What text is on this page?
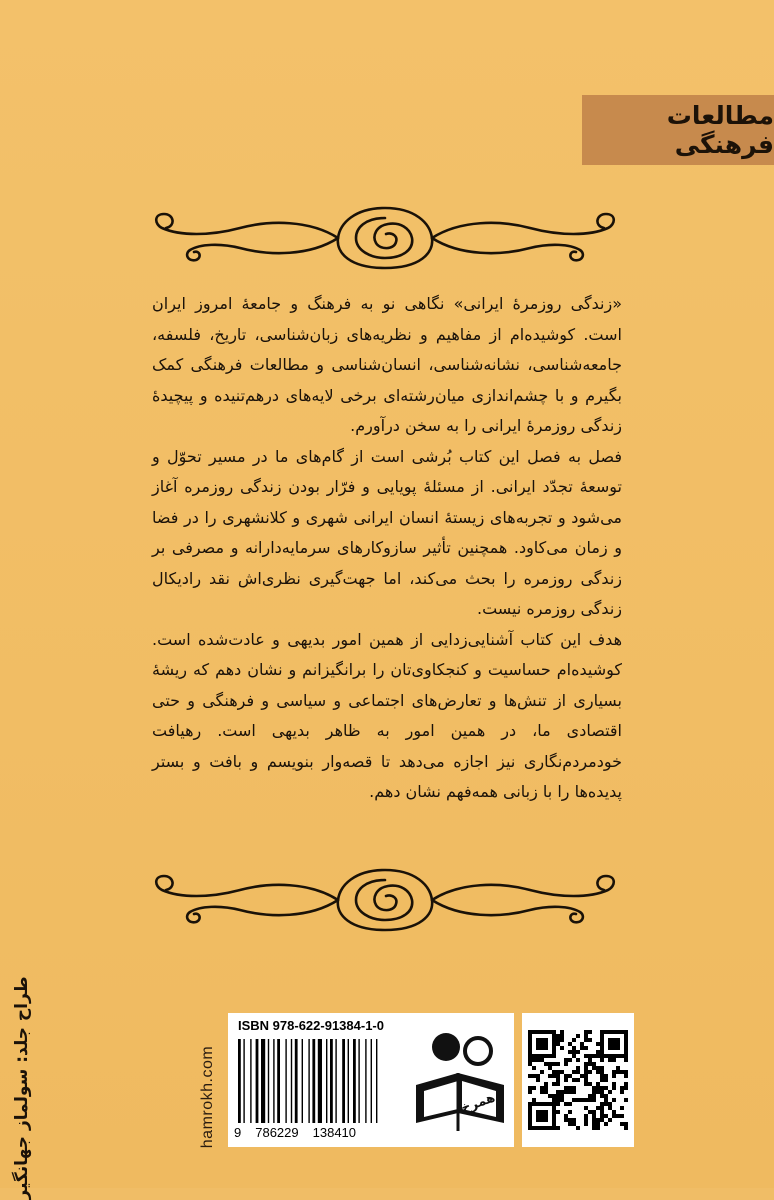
مطالعات فرهنگی

«زندگی روزمرهٔ ایرانی» نگاهی نو به فرهنگ و جامعهٔ امروز ایران است. کوشیده‌ام از مفاهیم و نظریه‌های زبان‌شناسی، تاریخ، فلسفه، جامعه‌شناسی، نشانه‌شناسی، انسان‌شناسی و مطالعات فرهنگی کمک بگیرم و با چشم‌اندازی میان‌رشته‌ای برخی لایه‌های درهم‌تنیده و پیچیدهٔ زندگی روزمرهٔ ایرانی را به سخن درآورم.

فصل به فصل این کتاب بُرشی است از گام‌های ما در مسیر تحوّل و توسعهٔ تجدّد ایرانی. از مسئلهٔ پویایی و فرّار بودن زندگی روزمره آغاز می‌شود و تجربه‌های زیستهٔ انسان ایرانی شهری و کلانشهری را در فضا و زمان می‌کاود. همچنین تأثیر سازوکارهای سرمایه‌دارانه و مصرفی بر زندگی روزمره را بحث می‌کند، اما جهت‌گیری نظری‌اش نقد رادیکال زندگی روزمره نیست.

هدف این کتاب آشنایی‌زدایی از همین امور بدیهی و عادت‌شده است. کوشیده‌ام حساسیت و کنجکاوی‌تان را برانگیزانم و نشان دهم که ریشهٔ بسیاری از تنش‌ها و تعارض‌های اجتماعی و سیاسی و فرهنگی و حتی اقتصادی ما، در همین امور به ظاهر بدیهی است. رهیافت خودمردم‌نگاری نیز اجازه می‌دهد تا قصه‌وار بنویسم و بافت و بستر پدیده‌ها را با زبانی همه‌فهم نشان دهم.

طراح جلد: سولماز جهانگیر	hamrokh.com
ISBN 978-622-91384-1-0
9 786229 138410
همرخ
